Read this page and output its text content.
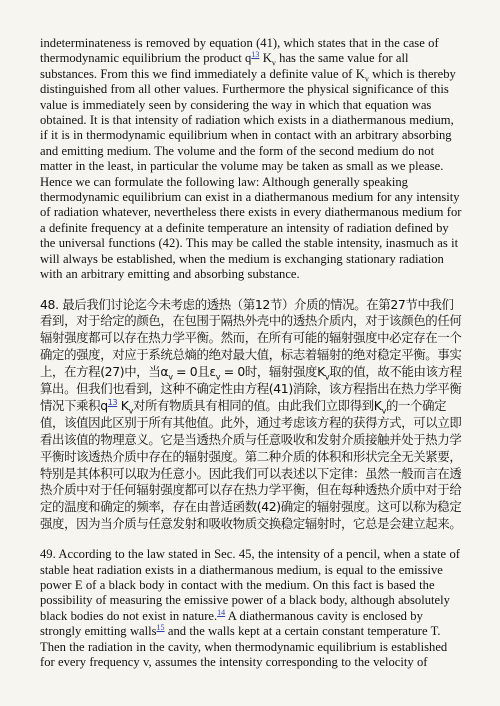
indeterminateness is removed by equation (41), which states that in the case of thermodynamic equilibrium the product $q^{13}$ $K_v$ has the same value for all substances. From this we find immediately a definite value of $K_v$ which is thereby distinguished from all other values. Furthermore the physical significance of this value is immediately seen by considering the way in which that equation was obtained. It is that intensity of radiation which exists in a diathermanous medium, if it is in thermodynamic equilibrium when in contact with an arbitrary absorbing and emitting medium. The volume and the form of the second medium do not matter in the least, in particular the volume may be taken as small as we please. Hence we can formulate the following law: Although generally speaking thermodynamic equilibrium can exist in a diathermanous medium for any intensity of radiation whatever, nevertheless there exists in every diathermanous medium for a definite frequency at a definite temperature an intensity of radiation defined by the universal functions (42). This may be called the stable intensity, inasmuch as it will always be established, when the medium is exchanging stationary radiation with an arbitrary emitting and absorbing substance.

48. 最后我们讨论迄今未考虑的透热（第12节）介质的情况。在第27节中我们看到，对于给定的颜色，在包围于隔热外壳中的透热介质内，对于该颜色的任何辐射强度都可以存在热力学平衡。然而，在所有可能的辐射强度中必定存在一个确定的强度，对应于系统总熵的绝对最大值，标志着辐射的绝对稳定平衡。事实上，在方程(27)中，当$\alpha_v = 0$且$\varepsilon_v = 0$时，辐射强度$K_v$取的值，故不能由该方程算出。但我们也看到，这种不确定性由方程(41)消除，该方程指出在热力学平衡情况下乘积$q^{13}$ $K_v$对所有物质具有相同的值。由此我们立即得到$K_v$的一个确定值，该值因此区别于所有其他值。此外，通过考虑该方程的获得方式，可以立即看出该值的物理意义。它是当透热介质与任意吸收和发射介质接触并处于热力学平衡时该透热介质中存在的辐射强度。第二种介质的体积和形状完全无关紧要，特别是其体积可以取为任意小。因此我们可以表述以下定律：虽然一般而言在透热介质中对于任何辐射强度都可以存在热力学平衡，但在每种透热介质中对于给定的温度和确定的频率，存在由普适函数(42)确定的辐射强度。这可以称为稳定强度，因为当介质与任意发射和吸收物质交换稳定辐射时，它总是会建立起来。

49. According to the law stated in Sec. 45, the intensity of a pencil, when a state of stable heat radiation exists in a diathermanous medium, is equal to the emissive power E of a black body in contact with the medium. On this fact is based the possibility of measuring the emissive power of a black body, although absolutely black bodies do not exist in nature.$^{14}$ A diathermanous cavity is enclosed by strongly emitting walls$^{15}$ and the walls kept at a certain constant temperature T. Then the radiation in the cavity, when thermodynamic equilibrium is established for every frequency v, assumes the intensity corresponding to the velocity of
